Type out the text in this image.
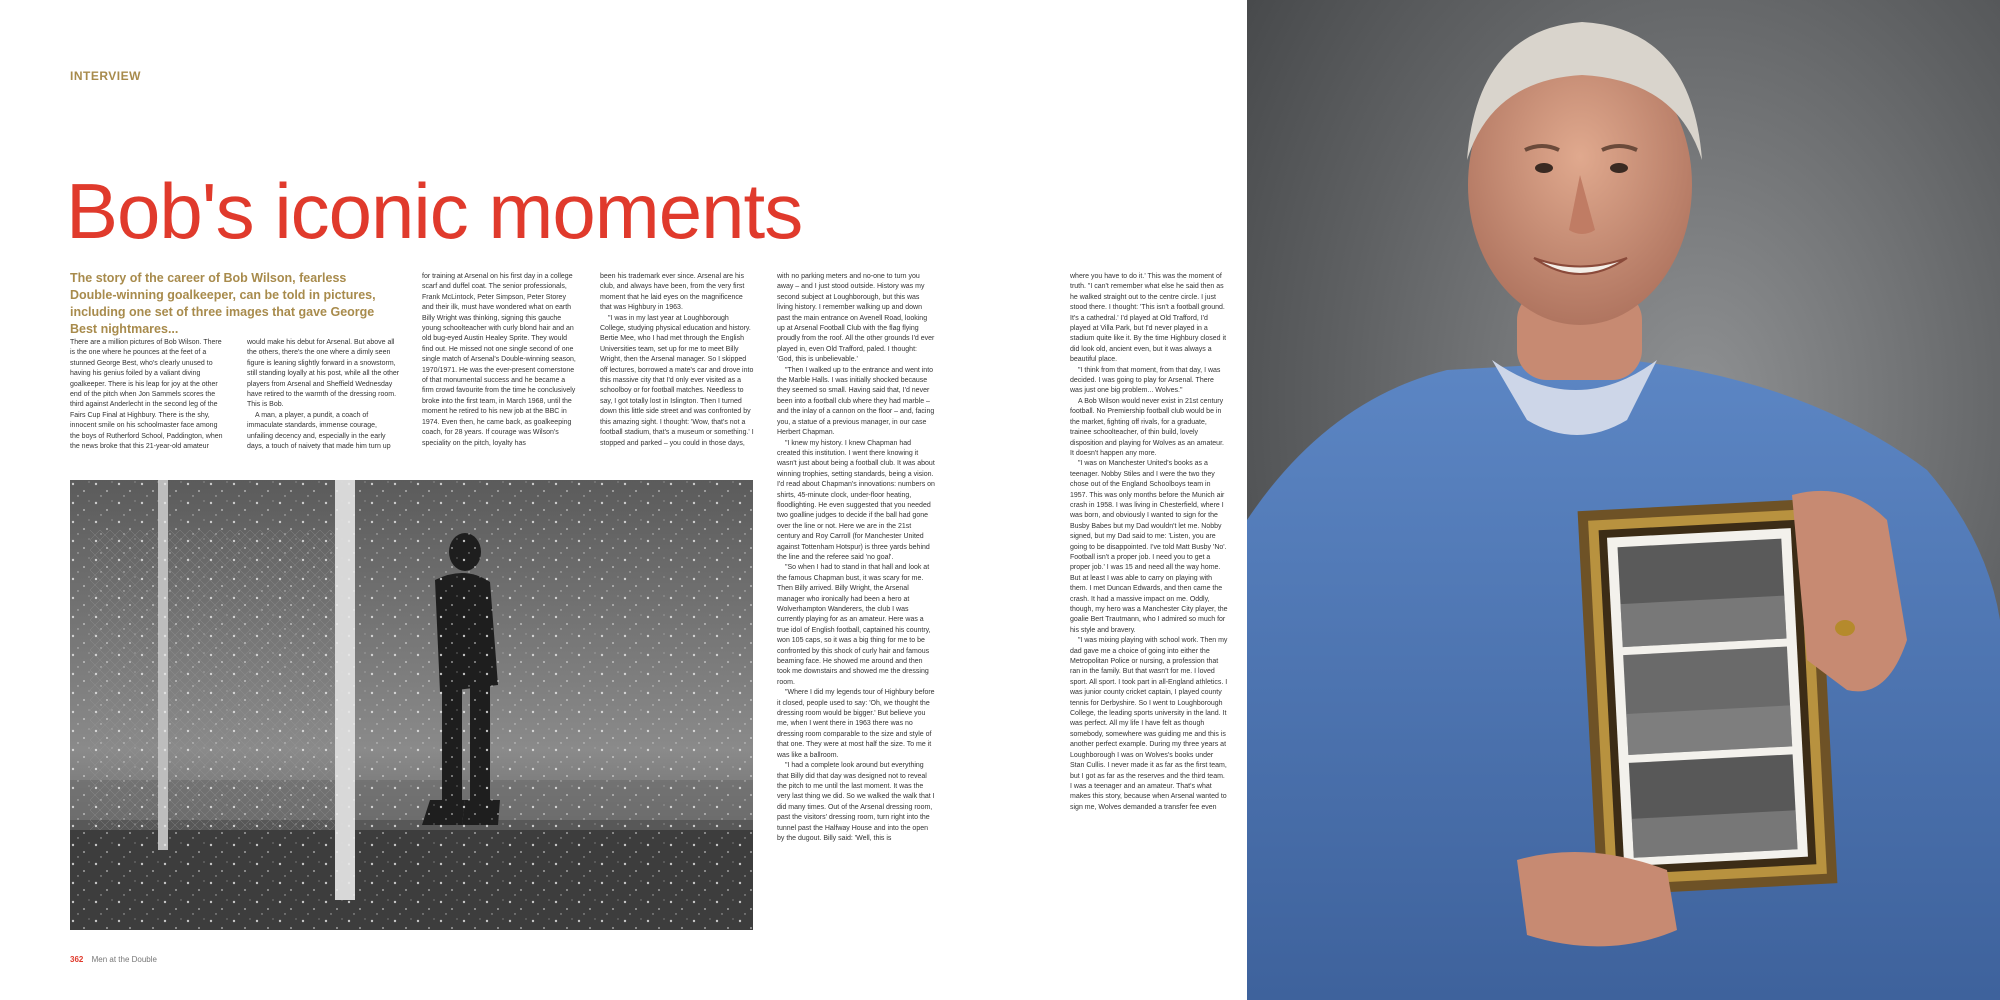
INTERVIEW
Bob's iconic moments

The story of the career of Bob Wilson, fearless Double-winning goalkeeper, can be told in pictures, including one set of three images that gave George Best nightmares...

There are a million pictures of Bob Wilson. There is the one where he pounces at the feet of a stunned George Best, who's clearly unused to having his genius foiled by a valiant diving goalkeeper. There is his leap for joy at the other end of the pitch when Jon Sammels scores the third against Anderlecht in the second leg of the Fairs Cup Final at Highbury. There is the shy, innocent smile on his schoolmaster face among the boys of Rutherford School, Paddington, when the news broke that this 21-year-old amateur

would make his debut for Arsenal. But above all the others, there's the one where a dimly seen figure is leaning slightly forward in a snowstorm, still standing loyally at his post, while all the other players from Arsenal and Sheffield Wednesday have retired to the warmth of the dressing room. This is Bob.

A man, a player, a pundit, a coach of immaculate standards, immense courage, unfailing decency and, especially in the early days, a touch of naivety that made him turn up

for training at Arsenal on his first day in a college scarf and duffel coat. The senior professionals, Frank McLintock, Peter Simpson, Peter Storey and their ilk, must have wondered what on earth Billy Wright was thinking, signing this gauche young schoolteacher with curly blond hair and an old bug-eyed Austin Healey Sprite. They would find out. He missed not one single second of one single match of Arsenal's Double-winning season, 1970/1971. He was the ever-present cornerstone of that monumental success and he became a firm crowd favourite from the time he conclusively broke into the first team, in March 1968, until the moment he retired to his new job at the BBC in 1974. Even then, he came back, as goalkeeping coach, for 28 years. If courage was Wilson's speciality on the pitch, loyalty has

been his trademark ever since. Arsenal are his club, and always have been, from the very first moment that he laid eyes on the magnificence that was Highbury in 1963.

"I was in my last year at Loughborough College, studying physical education and history. Bertie Mee, who I had met through the English Universities team, set up for me to meet Billy Wright, then the Arsenal manager. So I skipped off lectures, borrowed a mate's car and drove into this massive city that I'd only ever visited as a schoolboy or for football matches. Needless to say, I got totally lost in Islington. Then I turned down this little side street and was confronted by this amazing sight. I thought: 'Wow, that's not a football stadium, that's a museum or something.' I stopped and parked – you could in those days,

with no parking meters and no-one to turn you away – and I just stood outside. History was my second subject at Loughborough, but this was living history. I remember walking up and down past the main entrance on Avenell Road, looking up at Arsenal Football Club with the flag flying proudly from the roof. All the other grounds I'd ever played in, even Old Trafford, paled. I thought: 'God, this is unbelievable.'

"Then I walked up to the entrance and went into the Marble Halls. I was initially shocked because they seemed so small. Having said that, I'd never been into a football club where they had marble – and the inlay of a cannon on the floor – and, facing you, a statue of a previous manager, in our case Herbert Chapman.

"I knew my history. I knew Chapman had created this institution. I went there knowing it wasn't just about being a football club. It was about winning trophies, setting standards, being a vision. I'd read about Chapman's innovations: numbers on shirts, 45-minute clock, under-floor heating, floodlighting. He even suggested that you needed two goalline judges to decide if the ball had gone over the line or not. Here we are in the 21st century and Roy Carroll (for Manchester United against Tottenham Hotspur) is three yards behind the line and the referee said 'no goal'.

"So when I had to stand in that hall and look at the famous Chapman bust, it was scary for me. Then Billy arrived. Billy Wright, the Arsenal manager who ironically had been a hero at Wolverhampton Wanderers, the club I was currently playing for as an amateur. Here was a true idol of English football, captained his country, won 105 caps, so it was a big thing for me to be confronted by this shock of curly hair and famous beaming face. He showed me around and then took me downstairs and showed me the dressing room.

"Where I did my legends tour of Highbury before it closed, people used to say: 'Oh, we thought the dressing room would be bigger.' But believe you me, when I went there in 1963 there was no dressing room comparable to the size and style of that one. They were at most half the size. To me it was like a ballroom.

"I had a complete look around but everything that Billy did that day was designed not to reveal the pitch to me until the last moment. It was the very last thing we did. So we walked the walk that I did many times. Out of the Arsenal dressing room, past the visitors' dressing room, turn right into the tunnel past the Halfway House and into the open by the dugout. Billy said: 'Well, this is

where you have to do it.' This was the moment of truth. "I can't remember what else he said then as he walked straight out to the centre circle. I just stood there. I thought: 'This isn't a football ground. It's a cathedral.' I'd played at Old Trafford, I'd played at Villa Park, but I'd never played in a stadium quite like it. By the time Highbury closed it did look old, ancient even, but it was always a beautiful place.

"I think from that moment, from that day, I was decided. I was going to play for Arsenal. There was just one big problem... Wolves."

A Bob Wilson would never exist in 21st century football. No Premiership football club would be in the market, fighting off rivals, for a graduate, trainee schoolteacher, of thin build, lovely disposition and playing for Wolves as an amateur. It doesn't happen any more.

"I was on Manchester United's books as a teenager. Nobby Stiles and I were the two they chose out of the England Schoolboys team in 1957. This was only months before the Munich air crash in 1958. I was living in Chesterfield, where I was born, and obviously I wanted to sign for the Busby Babes but my Dad wouldn't let me. Nobby signed, but my Dad said to me: 'Listen, you are going to be disappointed. I've told Matt Busby 'No'. Football isn't a proper job. I need you to get a proper job.' I was 15 and need all the way home. But at least I was able to carry on playing with them. I met Duncan Edwards, and then came the crash. It had a massive impact on me. Oddly, though, my hero was a Manchester City player, the goalie Bert Trautmann, who I admired so much for his style and bravery.

"I was mixing playing with school work. Then my dad gave me a choice of going into either the Metropolitan Police or nursing, a profession that ran in the family. But that wasn't for me. I loved sport. All sport. I took part in all-England athletics. I was junior county cricket captain, I played county tennis for Derbyshire. So I went to Loughborough College, the leading sports university in the land. It was perfect. All my life I have felt as though somebody, somewhere was guiding me and this is another perfect example. During my three years at Loughborough I was on Wolves's books under Stan Cullis. I never made it as far as the first team, but I got as far as the reserves and the third team. I was a teenager and an amateur. That's what makes this story, because when Arsenal wanted to sign me, Wolves demanded a transfer fee even

362 Men at the Double
